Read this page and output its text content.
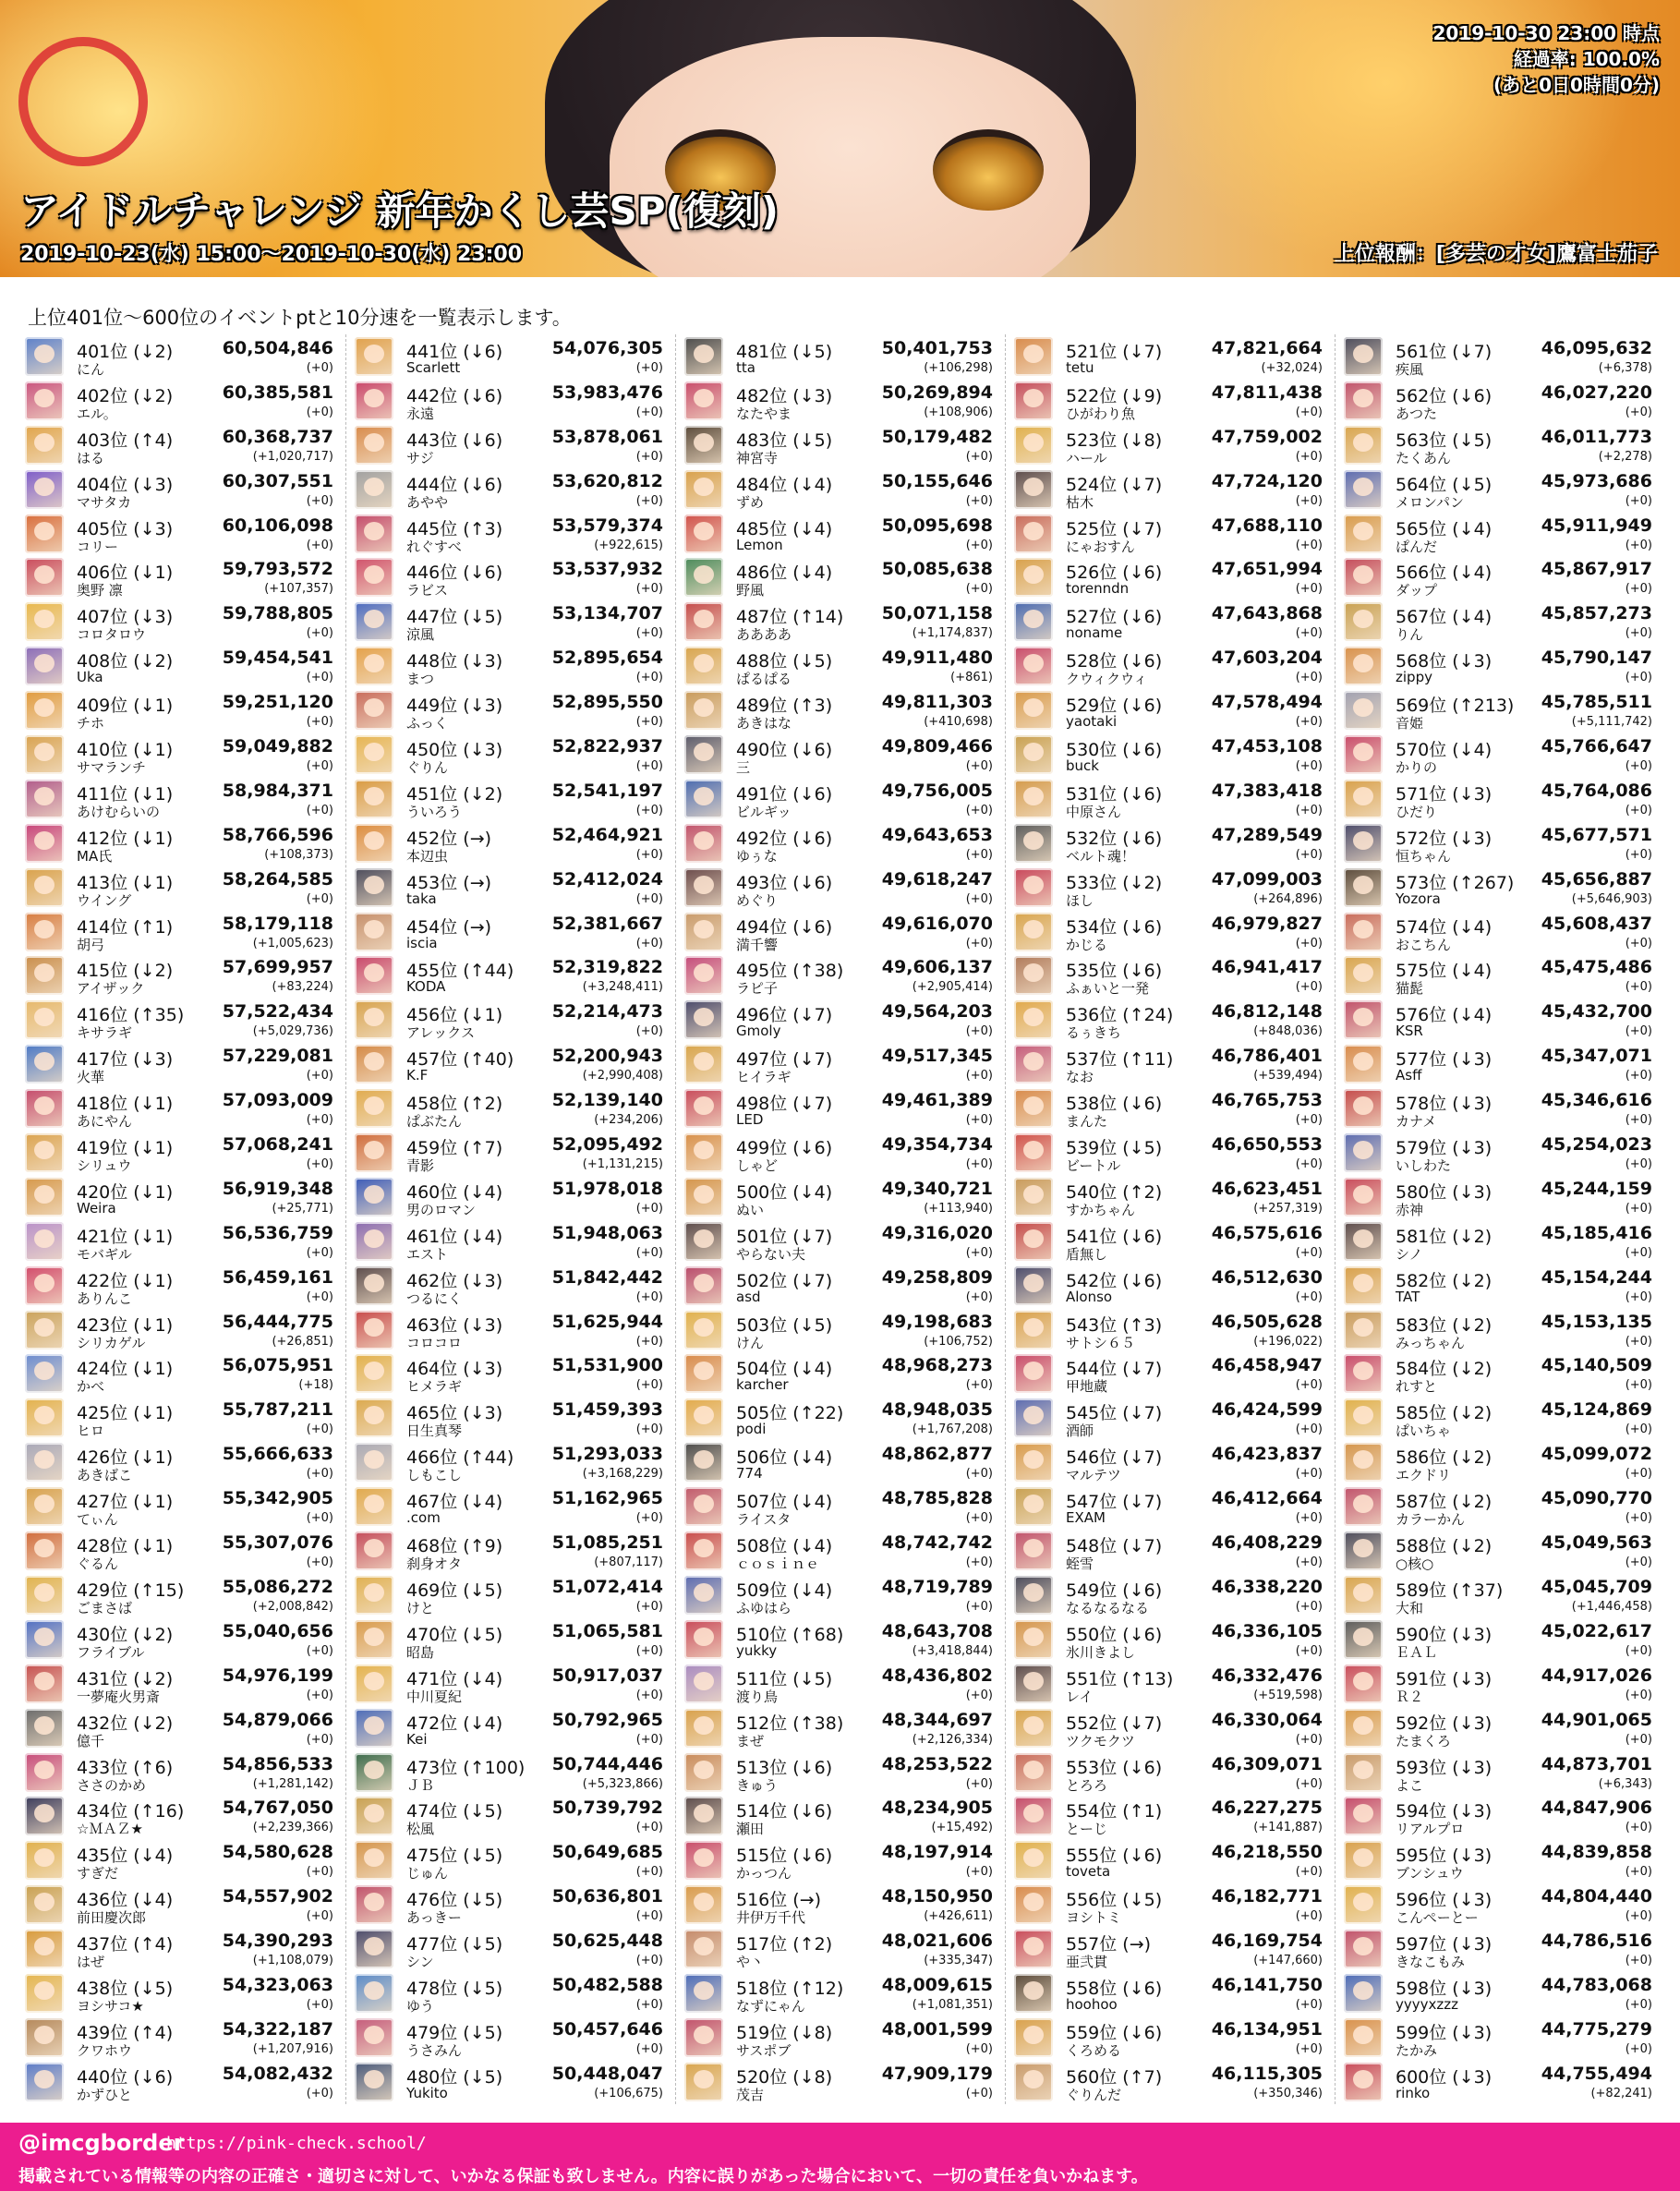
2019-10-30 23:00 時点
経過率: 100.0%
(あと0日0時間0分)
アイドルチャレンジ 新年かくし芸SP(復刻)
2019-10-23(水) 15:00～2019-10-30(水) 23:00	上位報酬：[多芸の才女]鷹富士茄子
上位401位～600位のイベントptと10分速を一覧表示します。
401位 (↓2)	60,504,846
にん	(+0)
402位 (↓2)	60,385,581
エル。	(+0)
403位 (↑4)	60,368,737
はる	(+1,020,717)
404位 (↓3)	60,307,551
マサタカ	(+0)
405位 (↓3)	60,106,098
コリー	(+0)
406位 (↓1)	59,793,572
奥野 凛	(+107,357)
407位 (↓3)	59,788,805
コロタロウ	(+0)
408位 (↓2)	59,454,541
Uka	(+0)
409位 (↓1)	59,251,120
チホ	(+0)
410位 (↓1)	59,049,882
サマランチ	(+0)
411位 (↓1)	58,984,371
あけむらいの	(+0)
412位 (↓1)	58,766,596
MA氏	(+108,373)
413位 (↓1)	58,264,585
ウイング	(+0)
414位 (↑1)	58,179,118
胡弓	(+1,005,623)
415位 (↓2)	57,699,957
アイザック	(+83,224)
416位 (↑35) 57,522,434
キサラギ	(+5,029,736)
417位 (↓3)	57,229,081
火華	(+0)
418位 (↓1)	57,093,009
あにやん	(+0)
419位 (↓1)	57,068,241
シリュウ	(+0)
420位 (↓1)	56,919,348
Weira	(+25,771)
421位 (↓1)	56,536,759
モバギル	(+0)
422位 (↓1)	56,459,161
ありんこ	(+0)
423位 (↓1)	56,444,775
シリカゲル	(+26,851)
424位 (↓1)	56,075,951
かべ	(+18)
425位 (↓1)	55,787,211
ヒロ	(+0)
426位 (↓1)	55,666,633
あきばこ	(+0)
427位 (↓1)	55,342,905
てぃん	(+0)
428位 (↓1)	55,307,076
ぐるん	(+0)
429位 (↑15) 55,086,272
ごまさば	(+2,008,842)
430位 (↓2)	55,040,656
フライブル	(+0)
431位 (↓2)	54,976,199
一夢庵火男斎	(+0)
432位 (↓2)	54,879,066
億千	(+0)
433位 (↑6)	54,856,533
ささのかめ	(+1,281,142)
434位 (↑16) 54,767,050
☆ＭＡＺ★	(+2,239,366)
435位 (↓4)	54,580,628
すぎだ	(+0)
436位 (↓4)	54,557,902
前田慶次郎	(+0)
437位 (↑4)	54,390,293
はぜ	(+1,108,079)
438位 (↓5)	54,323,063
ヨシサコ★	(+0)
439位 (↑4)	54,322,187
クワホウ	(+1,207,916)
440位 (↓6)	54,082,432
かずひと	(+0)
441位 (↓6)	54,076,305
Scarlett	(+0)
442位 (↓6)	53,983,476
永遠	(+0)
443位 (↓6)	53,878,061
サジ	(+0)
444位 (↓6)	53,620,812
あやや	(+0)
445位 (↑3)	53,579,374
れぐすべ	(+922,615)
446位 (↓6)	53,537,932
ラビス	(+0)
447位 (↓5)	53,134,707
涼風	(+0)
448位 (↓3)	52,895,654
まつ	(+0)
449位 (↓3)	52,895,550
ふっく	(+0)
450位 (↓3)	52,822,937
ぐりん	(+0)
451位 (↓2)	52,541,197
ういろう	(+0)
452位 (→)	52,464,921
本辺虫	(+0)
453位 (→)	52,412,024
taka	(+0)
454位 (→)	52,381,667
iscia	(+0)
455位 (↑44) 52,319,822
KODA	(+3,248,411)
456位 (↓1)	52,214,473
アレックス	(+0)
457位 (↑40) 52,200,943
K.F	(+2,990,408)
458位 (↑2)	52,139,140
ぱぶたん	(+234,206)
459位 (↑7)	52,095,492
青影	(+1,131,215)
460位 (↓4)	51,978,018
男のロマン	(+0)
461位 (↓4)	51,948,063
エスト	(+0)
462位 (↓3)	51,842,442
つるにく	(+0)
463位 (↓3)	51,625,944
コロコロ	(+0)
464位 (↓3)	51,531,900
ヒメラギ	(+0)
465位 (↓3)	51,459,393
日生真琴	(+0)
466位 (↑44) 51,293,033
しもこし	(+3,168,229)
467位 (↓4)	51,162,965
.com	(+0)
468位 (↑9)	51,085,251
刹身オタ	(+807,117)
469位 (↓5)	51,072,414
けと	(+0)
470位 (↓5)	51,065,581
昭島	(+0)
471位 (↓4)	50,917,037
中川夏紀	(+0)
472位 (↓4)	50,792,965
Kei	(+0)
473位 (↑100) 50,744,446
ＪＢ	(+5,323,866)
474位 (↓5)	50,739,792
松風	(+0)
475位 (↓5)	50,649,685
じゅん	(+0)
476位 (↓5)	50,636,801
あっきー	(+0)
477位 (↓5)	50,625,448
シン	(+0)
478位 (↓5)	50,482,588
ゆう	(+0)
479位 (↓5)	50,457,646
うさみん	(+0)
480位 (↓5)	50,448,047
Yukito	(+106,675)
481位 (↓5)	50,401,753
tta	(+106,298)
482位 (↓3)	50,269,894
なたやま	(+108,906)
483位 (↓5)	50,179,482
神宮寺	(+0)
484位 (↓4)	50,155,646
ずめ	(+0)
485位 (↓4)	50,095,698
Lemon	(+0)
486位 (↓4)	50,085,638
野風	(+0)
487位 (↑14) 50,071,158
ああああ	(+1,174,837)
488位 (↓5)	49,911,480
ぱるぱる	(+861)
489位 (↑3)	49,811,303
あきはな	(+410,698)
490位 (↓6)	49,809,466
三	(+0)
491位 (↓6)	49,756,005
ビルギッ	(+0)
492位 (↓6)	49,643,653
ゆぅな	(+0)
493位 (↓6)	49,618,247
めぐり	(+0)
494位 (↓6)	49,616,070
満千響	(+0)
495位 (↑38) 49,606,137
ラピ子	(+2,905,414)
496位 (↓7)	49,564,203
Gmoly	(+0)
497位 (↓7)	49,517,345
ヒイラギ	(+0)
498位 (↓7)	49,461,389
LED	(+0)
499位 (↓6)	49,354,734
しゃど	(+0)
500位 (↓4)	49,340,721
ぬい	(+113,940)
501位 (↓7)	49,316,020
やらない夫	(+0)
502位 (↓7)	49,258,809
asd	(+0)
503位 (↓5)	49,198,683
けん	(+106,752)
504位 (↓4)	48,968,273
karcher	(+0)
505位 (↑22) 48,948,035
podi	(+1,767,208)
506位 (↓4)	48,862,877
774	(+0)
507位 (↓4)	48,785,828
ライスタ	(+0)
508位 (↓4)	48,742,742
ｃｏｓｉｎｅ	(+0)
509位 (↓4)	48,719,789
ふゆはら	(+0)
510位 (↑68) 48,643,708
yukky	(+3,418,844)
511位 (↓5)	48,436,802
渡り鳥	(+0)
512位 (↑38) 48,344,697
まぜ	(+2,126,334)
513位 (↓6)	48,253,522
きゅう	(+0)
514位 (↓6)	48,234,905
瀬田	(+15,492)
515位 (↓6)	48,197,914
かっつん	(+0)
516位 (→)	48,150,950
井伊万千代	(+426,611)
517位 (↑2)	48,021,606
や丶	(+335,347)
518位 (↑12) 48,009,615
なずにゃん	(+1,081,351)
519位 (↓8)	48,001,599
サスポブ	(+0)
520位 (↓8)	47,909,179
茂吉	(+0)
521位 (↓7)	47,821,664
tetu	(+32,024)
522位 (↓9)	47,811,438
ひがわり魚	(+0)
523位 (↓8)	47,759,002
ハール	(+0)
524位 (↓7)	47,724,120
枯木	(+0)
525位 (↓7)	47,688,110
にゃおすん	(+0)
526位 (↓6)	47,651,994
torenndn	(+0)
527位 (↓6)	47,643,868
noname	(+0)
528位 (↓6)	47,603,204
クウィクウィ	(+0)
529位 (↓6)	47,578,494
yaotaki	(+0)
530位 (↓6)	47,453,108
buck	(+0)
531位 (↓6)	47,383,418
中原さん	(+0)
532位 (↓6)	47,289,549
ベルト魂！	(+0)
533位 (↓2)	47,099,003
ほし	(+264,896)
534位 (↓6)	46,979,827
かじる	(+0)
535位 (↓6)	46,941,417
ふぁいと一発	(+0)
536位 (↑24) 46,812,148
るぅきち	(+848,036)
537位 (↑11) 46,786,401
なお	(+539,494)
538位 (↓6)	46,765,753
まんた	(+0)
539位 (↓5)	46,650,553
ビートル	(+0)
540位 (↑2)	46,623,451
すかちゃん	(+257,319)
541位 (↓6)	46,575,616
盾無し	(+0)
542位 (↓6)	46,512,630
Alonso	(+0)
543位 (↑3)	46,505,628
サトシ６５	(+196,022)
544位 (↓7)	46,458,947
甲地蔵	(+0)
545位 (↓7)	46,424,599
酒師	(+0)
546位 (↓7)	46,423,837
マルテツ	(+0)
547位 (↓7)	46,412,664
EXAM	(+0)
548位 (↓7)	46,408,229
蛭雪	(+0)
549位 (↓6)	46,338,220
なるなるなる	(+0)
550位 (↓6)	46,336,105
氷川きよし	(+0)
551位 (↑13) 46,332,476
レイ	(+519,598)
552位 (↓7)	46,330,064
ツクモクツ	(+0)
553位 (↓6)	46,309,071
とろろ	(+0)
554位 (↑1)	46,227,275
とーじ	(+141,887)
555位 (↓6)	46,218,550
toveta	(+0)
556位 (↓5)	46,182,771
ヨシトミ	(+0)
557位 (→)	46,169,754
亜弐貫	(+147,660)
558位 (↓6)	46,141,750
hoohoo	(+0)
559位 (↓6)	46,134,951
くろめる	(+0)
560位 (↑7)	46,115,305
ぐりんだ	(+350,346)
561位 (↓7)	46,095,632
疾風	(+6,378)
562位 (↓6)	46,027,220
あつた	(+0)
563位 (↓5)	46,011,773
たくあん	(+2,278)
564位 (↓5)	45,973,686
メロンパン	(+0)
565位 (↓4)	45,911,949
ぱんだ	(+0)
566位 (↓4)	45,867,917
ダップ	(+0)
567位 (↓4)	45,857,273
りん	(+0)
568位 (↓3)	45,790,147
zippy	(+0)
569位 (↑213) 45,785,511
音姫	(+5,111,742)
570位 (↓4)	45,766,647
かりの	(+0)
571位 (↓3)	45,764,086
ひだり	(+0)
572位 (↓3)	45,677,571
恒ちゃん	(+0)
573位 (↑267) 45,656,887
Yozora	(+5,646,903)
574位 (↓4)	45,608,437
おこちん	(+0)
575位 (↓4)	45,475,486
猫髭	(+0)
576位 (↓4)	45,432,700
KSR	(+0)
577位 (↓3)	45,347,071
Asff	(+0)
578位 (↓3)	45,346,616
カナメ	(+0)
579位 (↓3)	45,254,023
いしわた	(+0)
580位 (↓3)	45,244,159
赤神	(+0)
581位 (↓2)	45,185,416
シノ	(+0)
582位 (↓2)	45,154,244
TAT	(+0)
583位 (↓2)	45,153,135
みっちゃん	(+0)
584位 (↓2)	45,140,509
れすと	(+0)
585位 (↓2)	45,124,869
ぱいちゃ	(+0)
586位 (↓2)	45,099,072
エクドリ	(+0)
587位 (↓2)	45,090,770
カラーかん	(+0)
588位 (↓2)	45,049,563
○核○	(+0)
589位 (↑37) 45,045,709
大和	(+1,446,458)
590位 (↓3)	45,022,617
ＥＡＬ	(+0)
591位 (↓3)	44,917,026
Ｒ２	(+0)
592位 (↓3)	44,901,065
たまくろ	(+0)
593位 (↓3)	44,873,701
よこ	(+6,343)
594位 (↓3)	44,847,906
リアルプロ	(+0)
595位 (↓3)	44,839,858
ブンシュウ	(+0)
596位 (↓3)	44,804,440
こんぺーとー	(+0)
597位 (↓3)	44,786,516
きなこもみ	(+0)
598位 (↓3)	44,783,068
yyyyxzzz	(+0)
599位 (↓3)	44,775,279
たかみ	(+0)
600位 (↓3)	44,755,494
rinko	(+82,241)
@imcgborder
https://pink-check.school/
掲載されている情報等の内容の正確さ・適切さに対して、いかなる保証も致しません。内容に誤りがあった場合において、一切の責任を負いかねます。
